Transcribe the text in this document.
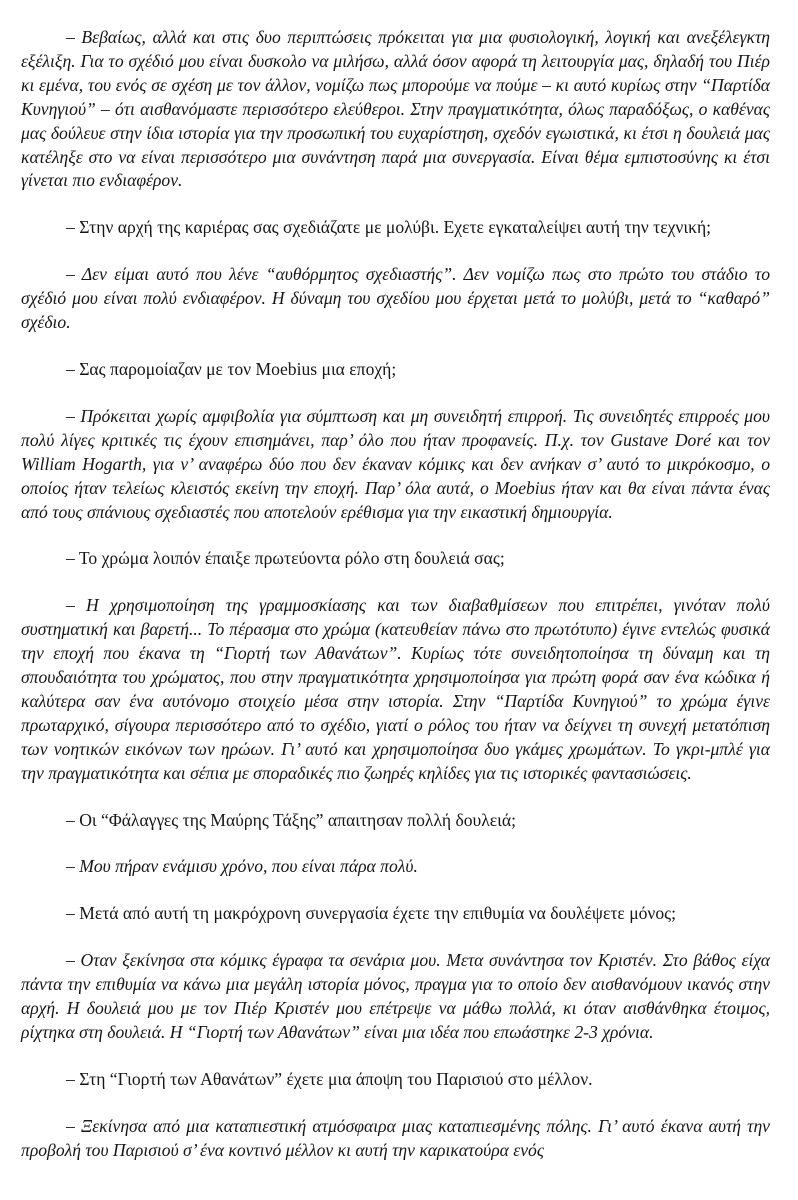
– Βεβαίως, αλλά και στις δυο περιπτώσεις πρόκειται για μια φυσιολογική, λογική και ανεξέλεγκτη εξέλιξη. Για το σχέδιό μου είναι δυσκολο να μιλήσω, αλλά όσον αφορά τη λειτουργία μας, δηλαδή του Πιέρ κι εμένα, του ενός σε σχέση με τον άλλον, νομίζω πως μπορούμε να πούμε – κι αυτό κυρίως στην “Παρτίδα Κυνηγιού” – ότι αισθανόμαστε περισσότερο ελεύθεροι. Στην πραγματικότητα, όλως παραδόξως, ο καθένας μας δούλευε στην ίδια ιστορία για την προσωπική του ευχαρίστηση, σχεδόν εγωιστικά, κι έτσι η δουλειά μας κατέληξε στο να είναι περισσότερο μια συνάντηση παρά μια συνεργασία. Είναι θέμα εμπιστοσύνης κι έτσι γίνεται πιο ενδιαφέρον.

– Στην αρχή της καριέρας σας σχεδιάζατε με μολύβι. Εχετε εγκαταλείψει αυτή την τεχνική;

– Δεν είμαι αυτό που λένε “αυθόρμητος σχεδιαστής”. Δεν νομίζω πως στο πρώτο του στάδιο το σχέδιό μου είναι πολύ ενδιαφέρον. Η δύναμη του σχεδίου μου έρχεται μετά το μολύβι, μετά το “καθαρό” σχέδιο.

– Σας παρομοίαζαν με τον Moebius μια εποχή;

– Πρόκειται χωρίς αμφιβολία για σύμπτωση και μη συνειδητή επιρροή. Τις συνειδητές επιρροές μου πολύ λίγες κριτικές τις έχουν επισημάνει, παρ’ όλο που ήταν προφανείς. Π.χ. τον Gustave Doré και τον William Hogarth, για ν’ αναφέρω δύο που δεν έκαναν κόμικς και δεν ανήκαν σ’ αυτό το μικρόκοσμο, ο οποίος ήταν τελείως κλειστός εκείνη την εποχή. Παρ’ όλα αυτά, ο Moebius ήταν και θα είναι πάντα ένας από τους σπάνιους σχεδιαστές που αποτελούν ερέθισμα για την εικαστική δημιουργία.

– Το χρώμα λοιπόν έπαιξε πρωτεύοντα ρόλο στη δουλειά σας;

– Η χρησιμοποίηση της γραμμοσκίασης και των διαβαθμίσεων που επιτρέπει, γινόταν πολύ συστηματική και βαρετή... Το πέρασμα στο χρώμα (κατευθείαν πάνω στο πρωτότυπο) έγινε εντελώς φυσικά την εποχή που έκανα τη “Γιορτή των Αθανάτων”. Κυρίως τότε συνειδητοποίησα τη δύναμη και τη σπουδαιότητα του χρώματος, που στην πραγματικότητα χρησιμοποίησα για πρώτη φορά σαν ένα κώδικα ή καλύτερα σαν ένα αυτόνομο στοιχείο μέσα στην ιστορία. Στην “Παρτίδα Κυνηγιού” το χρώμα έγινε πρωταρχικό, σίγουρα περισσότερο από το σχέδιο, γιατί ο ρόλος του ήταν να δείχνει τη συνεχή μετατόπιση των νοητικών εικόνων των ηρώων. Γι’ αυτό και χρησιμοποίησα δυο γκάμες χρωμάτων. Το γκρι-μπλέ για την πραγματικότητα και σέπια με σποραδικές πιο ζωηρές κηλίδες για τις ιστορικές φαντασιώσεις.

– Οι “Φάλαγγες της Μαύρης Τάξης” απαιτησαν πολλή δουλειά;

– Μου πήραν ενάμισυ χρόνο, που είναι πάρα πολύ.

– Μετά από αυτή τη μακρόχρονη συνεργασία έχετε την επιθυμία να δουλέψετε μόνος;

– Οταν ξεκίνησα στα κόμικς έγραφα τα σενάρια μου. Μετα συνάντησα τον Κριστέν. Στο βάθος είχα πάντα την επιθυμία να κάνω μια μεγάλη ιστορία μόνος, πραγμα για το οποίο δεν αισθανόμουν ικανός στην αρχή. Η δουλειά μου με τον Πιέρ Κριστέν μου επέτρεψε να μάθω πολλά, κι όταν αισθάνθηκα έτοιμος, ρίχτηκα στη δουλειά. Η “Γιορτή των Αθανάτων” είναι μια ιδέα που επωάστηκε 2-3 χρόνια.

– Στη “Γιορτή των Αθανάτων” έχετε μια άποψη του Παρισιού στο μέλλον.

– Ξεκίνησα από μια καταπιεστική ατμόσφαιρα μιας καταπιεσμένης πόλης. Γι’ αυτό έκανα αυτή την προβολή του Παρισιού σ’ ένα κοντινό μέλλον κι αυτή την καρικατούρα ενός
